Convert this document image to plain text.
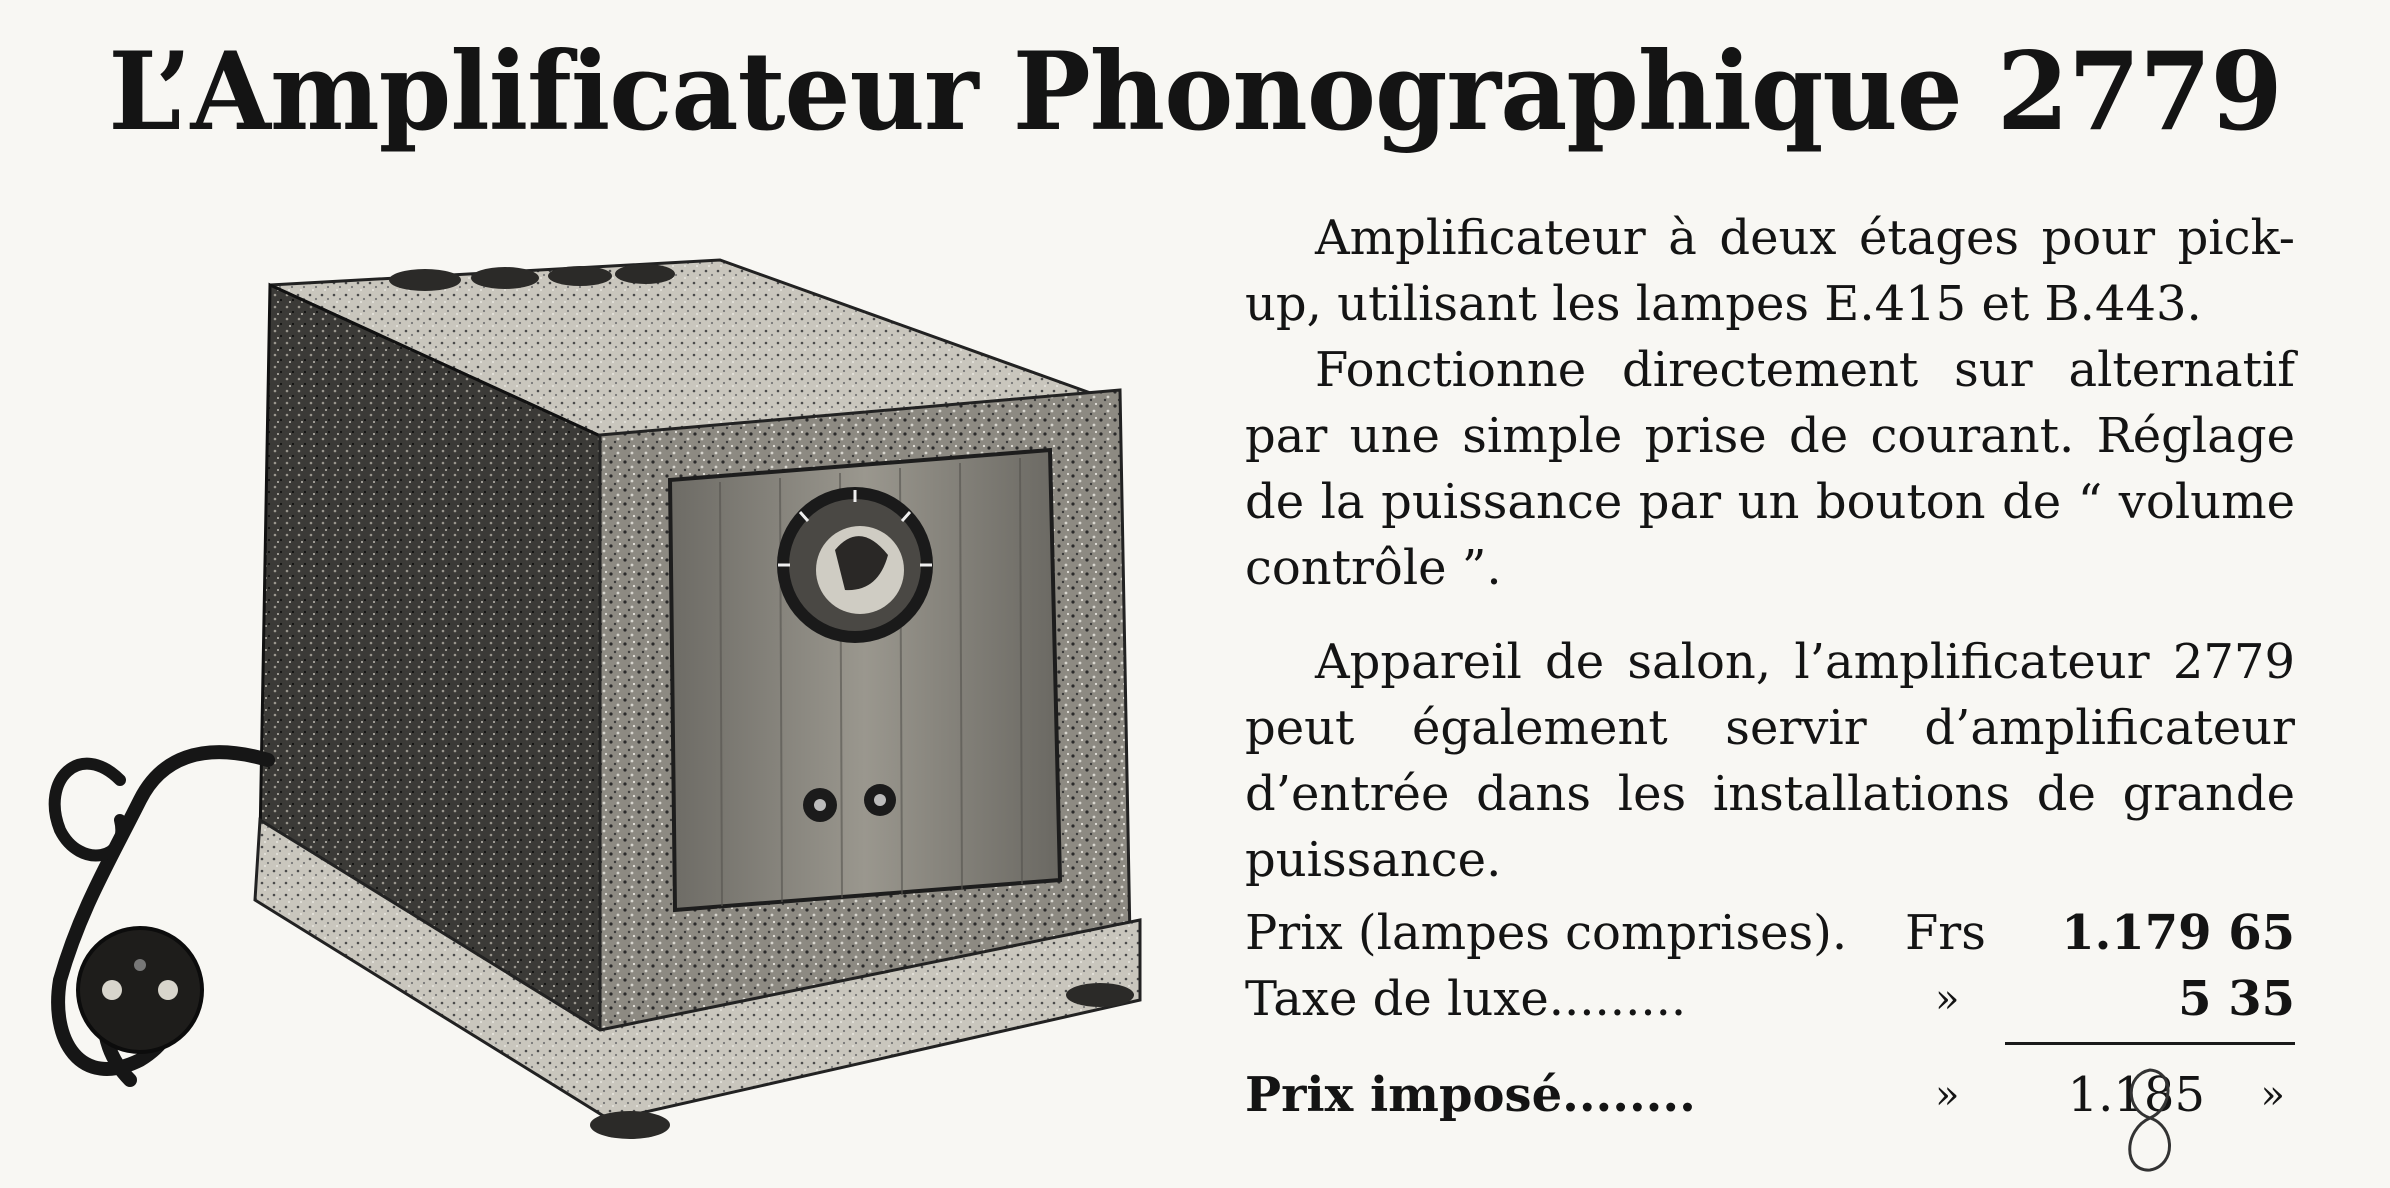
L’Amplificateur Phonographique 2779

Amplificateur à deux étages pour pick-up, utilisant les lampes E.415 et B.443.

Fonctionne directement sur alternatif par une simple prise de courant. Réglage de la puissance par un bouton de “ volume contrôle ”.

Appareil de salon, l’amplificateur 2779 peut également servir d’amplificateur d’entrée dans les installations de grande puissance.

Prix (lampes comprises). Frs 1.179 65
Taxe de luxe.........	»	5 35
Prix imposé........	» 1.185 »
